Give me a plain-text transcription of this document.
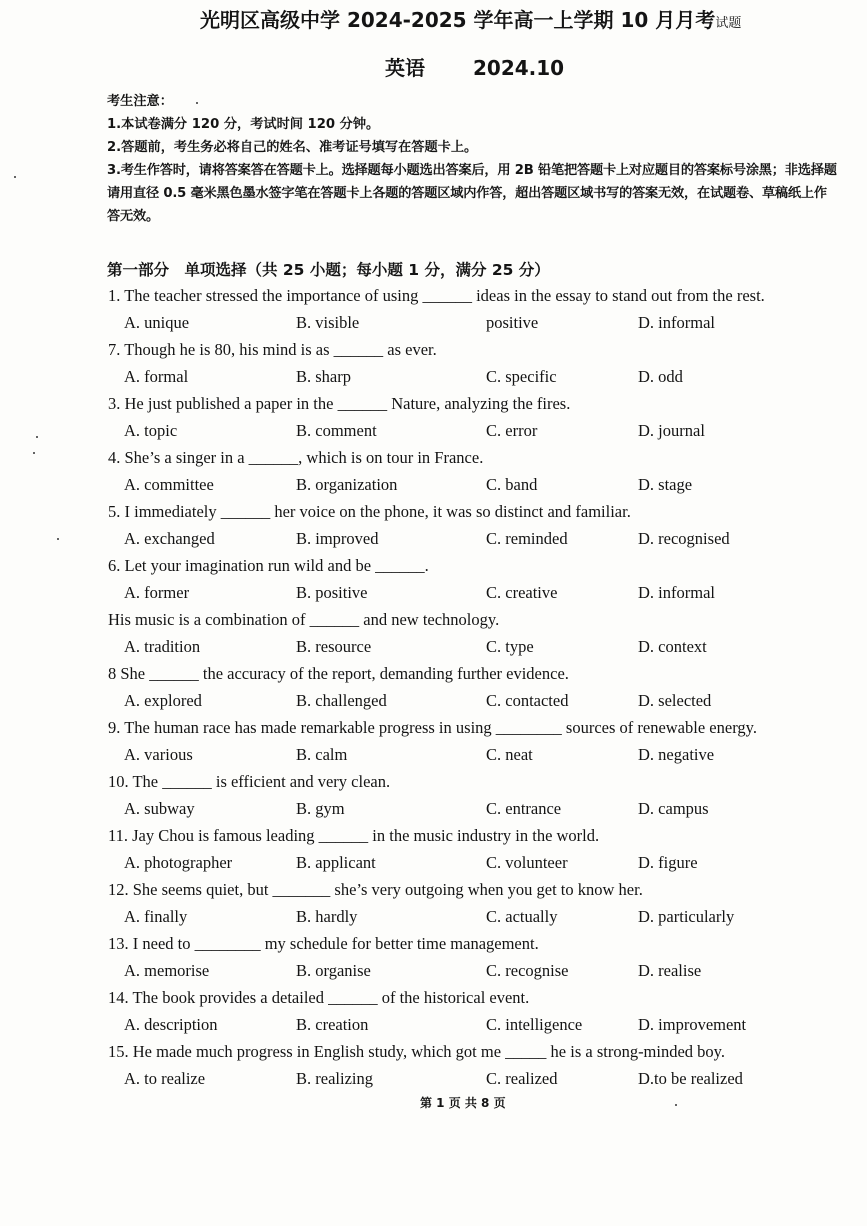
光明区高级中学 2024-2025 学年高一上学期 10 月月考试题
英语 2024.10
考生注意：
1.本试卷满分 120 分，考试时间 120 分钟。
2.答题前，考生务必将自己的姓名、准考证号填写在答题卡上。
3.考生作答时，请将答案答在答题卡上。选择题每小题选出答案后，用 2B 铅笔把答题卡上对应题目的答案标号涂黑；非选择题请用直径 0.5 毫米黑色墨水签字笔在答题卡上各题的答题区域内作答，超出答题区域书写的答案无效，在试题卷、草稿纸上作答无效。
第一部分　单项选择（共 25 小题；每小题 1 分，满分 25 分）
1. The teacher stressed the importance of using ______ ideas in the essay to stand out from the rest.
A. unique	B. visible	positive	D. informal
7. Though he is 80, his mind is as ______ as ever.
A. formal	B. sharp	C. specific	D. odd
3. He just published a paper in the ______ Nature, analyzing the fires.
A. topic	B. comment	C. error	D. journal
4. She’s a singer in a ______, which is on tour in France.
A. committee	B. organization	C. band	D. stage
5. I immediately ______ her voice on the phone, it was so distinct and familiar.
A. exchanged	B. improved	C. reminded	D. recognised
6. Let your imagination run wild and be ______.
A. former	B. positive	C. creative	D. informal
His music is a combination of ______ and new technology.
A. tradition	B. resource	C. type	D. context
8 She ______ the accuracy of the report, demanding further evidence.
A. explored	B. challenged	C. contacted	D. selected
9. The human race has made remarkable progress in using ________ sources of renewable energy.
A. various	B. calm	C. neat	D. negative
10. The ______ is efficient and very clean.
A. subway	B. gym	C. entrance	D. campus
11. Jay Chou is famous leading ______ in the music industry in the world.
A. photographer	B. applicant	C. volunteer	D. figure
12. She seems quiet, but _______ she’s very outgoing when you get to know her.
A. finally	B. hardly	C. actually	D. particularly
13. I need to ________ my schedule for better time management.
A. memorise	B. organise	C. recognise	D. realise
14. The book provides a detailed ______ of the historical event.
A. description	B. creation	C. intelligence	D. improvement
15. He made much progress in English study, which got me _____ he is a strong-minded boy.
A. to realize	B. realizing	C. realized	D.to be realized
第 1 页 共 8 页
